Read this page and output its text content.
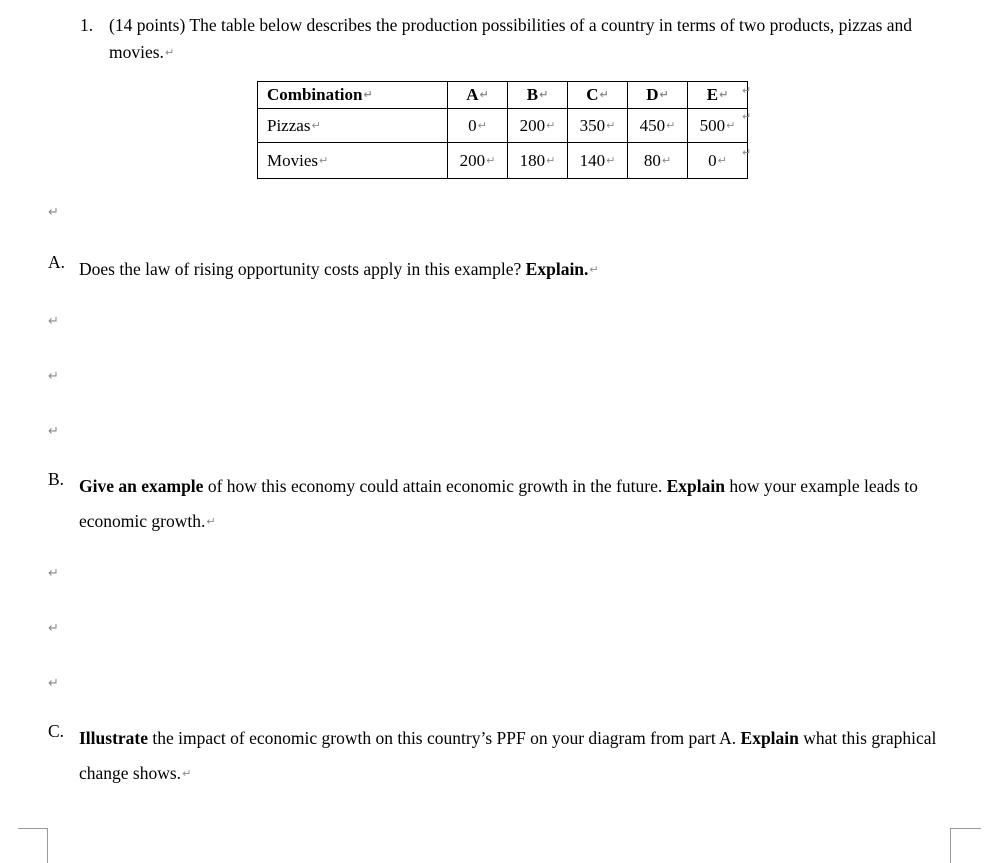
1. (14 points) The table below describes the production possibilities of a country in terms of two products, pizzas and movies.↵
Combination↵	A↵	B↵	C↵	D↵	E↵
Pizzas↵	0↵	200↵	350↵	450↵	500↵
Movies↵	200↵	180↵	140↵	80↵	0↵
↵
↵
↵
↵
A. Does the law of rising opportunity costs apply in this example? Explain.↵
↵
↵
↵
B. Give an example of how this economy could attain economic growth in the future. Explain how your example leads to economic growth.↵
↵
↵
↵
C. Illustrate the impact of economic growth on this country’s PPF on your diagram from part A. Explain what this graphical change shows.↵
